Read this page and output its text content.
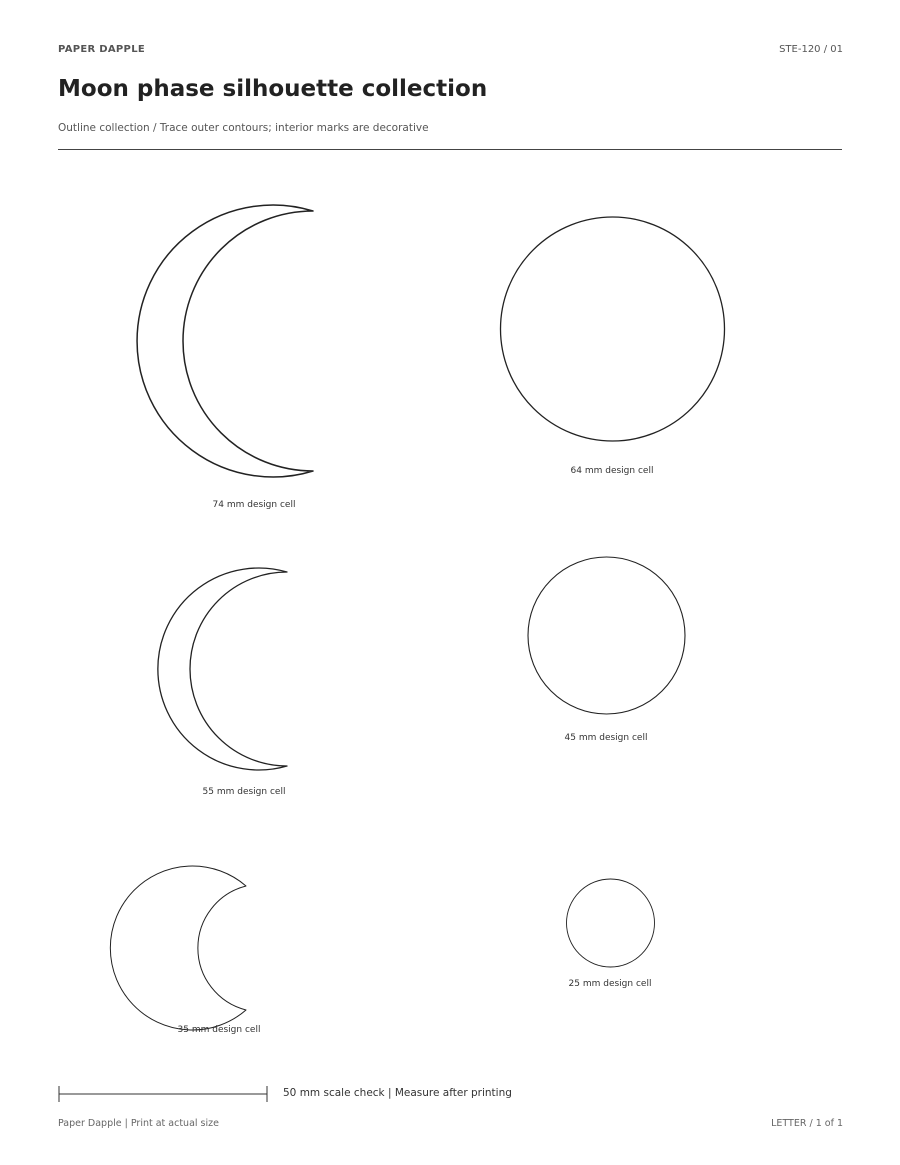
PAPER DAPPLE	STE-120 / 01
Moon phase silhouette collection
Outline collection / Trace outer contours; interior marks are decorative
74 mm design cell
64 mm design cell
55 mm design cell
45 mm design cell
35 mm design cell
25 mm design cell
50 mm scale check | Measure after printing
Paper Dapple | Print at actual size	LETTER / 1 of 1
